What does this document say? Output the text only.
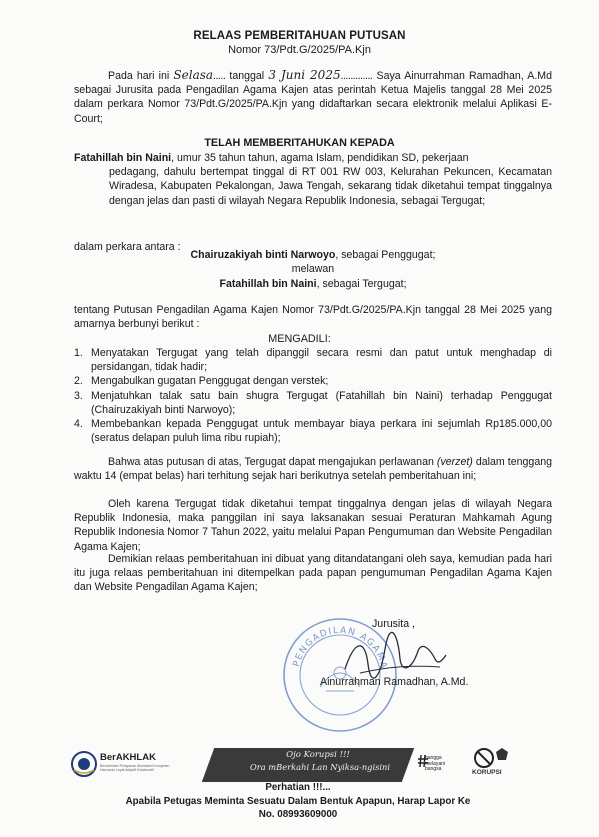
RELAAS PEMBERITAHUAN PUTUSAN
Nomor 73/Pdt.G/2025/PA.Kjn
Pada hari ini Selasa..... tanggal 3 Juni 2025............. Saya Ainurrahman Ramadhan, A.Md sebagai Jurusita pada Pengadilan Agama Kajen atas perintah Ketua Majelis tanggal 28 Mei 2025 dalam perkara Nomor 73/Pdt.G/2025/PA.Kjn yang didaftarkan secara elektronik melalui Aplikasi E-Court;
TELAH MEMBERITAHUKAN KEPADA
Fatahillah bin Naini, umur 35 tahun tahun, agama Islam, pendidikan SD, pekerjaan
pedagang, dahulu bertempat tinggal di RT 001 RW 003, Kelurahan Pekuncen, Kecamatan Wiradesa, Kabupaten Pekalongan, Jawa Tengah, sekarang tidak diketahui tempat tinggalnya dengan jelas dan pasti di wilayah Negara Republik Indonesia, sebagai Tergugat;
dalam perkara antara :
Chairuzakiyah binti Narwoyo, sebagai Penggugat;
melawan
Fatahillah bin Naini, sebagai Tergugat;
tentang Putusan Pengadilan Agama Kajen Nomor 73/Pdt.G/2025/PA.Kjn tanggal 28 Mei 2025 yang amarnya berbunyi berikut :
MENGADILI:
1. Menyatakan Tergugat yang telah dipanggil secara resmi dan patut untuk menghadap di persidangan, tidak hadir;
2. Mengabulkan gugatan Penggugat dengan verstek;
3. Menjatuhkan talak satu bain shugra Tergugat (Fatahillah bin Naini) terhadap Penggugat (Chairuzakiyah binti Narwoyo);
4. Membebankan kepada Penggugat untuk membayar biaya perkara ini sejumlah Rp185.000,00 (seratus delapan puluh lima ribu rupiah);
Bahwa atas putusan di atas, Tergugat dapat mengajukan perlawanan (verzet) dalam tenggang waktu 14 (empat belas) hari terhitung sejak hari berikutnya setelah pemberitahuan ini;
Oleh karena Tergugat tidak diketahui tempat tinggalnya dengan jelas di wilayah Negara Republik Indonesia, maka panggilan ini saya laksanakan sesuai Peraturan Mahkamah Agung Republik Indonesia Nomor 7 Tahun 2022, yaitu melalui Papan Pengumuman dan Website Pengadilan Agama Kajen;
Demikian relaas pemberitahuan ini dibuat yang ditandatangani oleh saya, kemudian pada hari itu juga relaas pemberitahuan ini ditempelkan pada papan pengumuman Pengadilan Agama Kajen dan Website Pengadilan Agama Kajen;
PENGADILAN AGAMA
Jurusita ,
Ainurrahman Ramadhan, A.Md.
Ojo Korupsi !!!
Ora mBerkahi Lan Nyiksa-ngisini
BerAKHLAK
Berorientasi Pelayanan Akuntabel Kompeten Harmonis Loyal Adaptif Kolaboratif
bangga melayani bangsa	KORUPSI
Perhatian !!!...
Apabila Petugas Meminta Sesuatu Dalam Bentuk Apapun, Harap Lapor Ke
No. 08993609000
